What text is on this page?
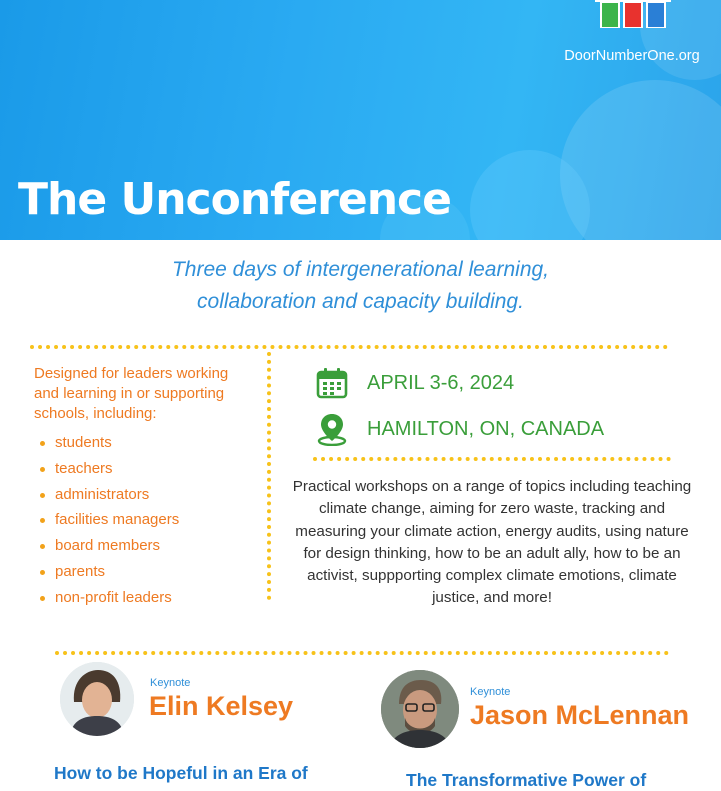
The Unconference

DoorNumberOne.org
Three days of intergenerational learning,
collaboration and capacity building.
Designed for leaders working and learning in or supporting schools, including:
students
teachers
administrators
facilities managers
board members
parents
non-profit leaders
APRIL 3-6, 2024
HAMILTON, ON, CANADA
Practical workshops on a range of topics including teaching climate change, aiming for zero waste, tracking and measuring your climate action, energy audits, using nature for design thinking, how to be an adult ally, how to be an activist, suppporting complex climate emotions, climate justice, and more!
Keynote
Elin Kelsey
How to be Hopeful in an Era of
Keynote
Jason McLennan
The Transformative Power of
